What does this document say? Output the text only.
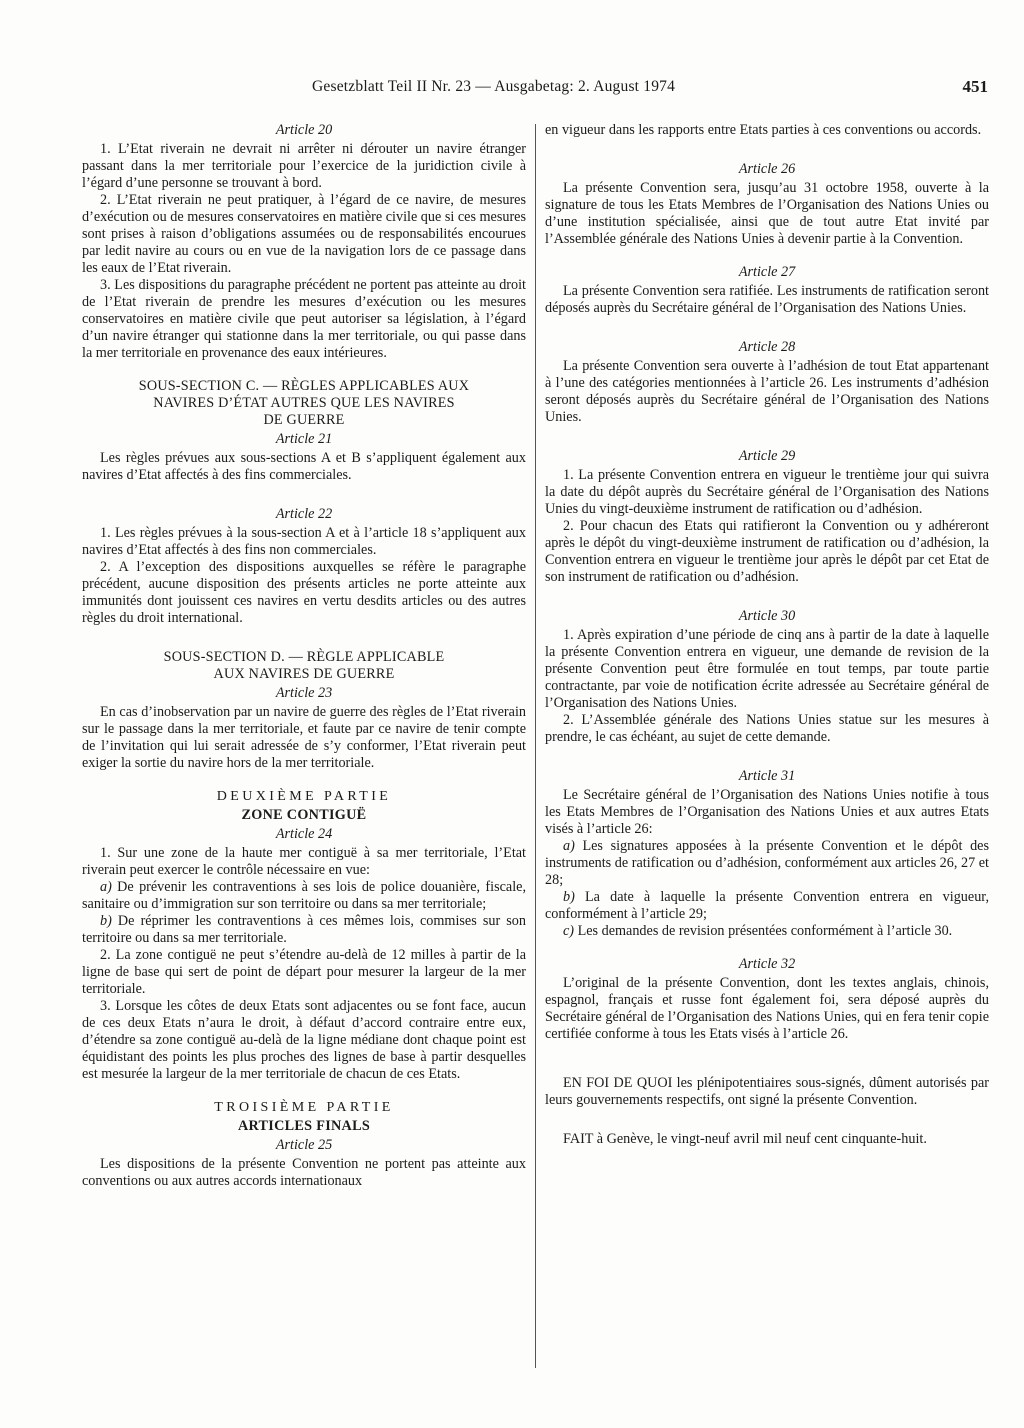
Gesetzblatt Teil II Nr. 23 — Ausgabetag: 2. August 1974	451
Article 20

1. L’Etat riverain ne devrait ni arrêter ni dérouter un navire étranger passant dans la mer territoriale pour l’exercice de la juridiction civile à l’égard d’une personne se trouvant à bord.

2. L’Etat riverain ne peut pratiquer, à l’égard de ce navire, de mesures d’exécution ou de mesures conservatoires en matière civile que si ces mesures sont prises à raison d’obligations assumées ou de responsabilités encourues par ledit navire au cours ou en vue de la navigation lors de ce passage dans les eaux de l’Etat riverain.

3. Les dispositions du paragraphe précédent ne portent pas atteinte au droit de l’Etat riverain de prendre les mesures d’exécution ou les mesures conservatoires en matière civile que peut autoriser sa législation, à l’égard d’un navire étranger qui stationne dans la mer territoriale, ou qui passe dans la mer territoriale en provenance des eaux intérieures.

SOUS-SECTION C. — RÈGLES APPLICABLES AUX
NAVIRES D’ÉTAT AUTRES QUE LES NAVIRES
DE GUERRE
Article 21

Les règles prévues aux sous-sections A et B s’appliquent également aux navires d’Etat affectés à des fins commerciales.

Article 22

1. Les règles prévues à la sous-section A et à l’article 18 s’appliquent aux navires d’Etat affectés à des fins non commerciales.

2. A l’exception des dispositions auxquelles se réfère le paragraphe précédent, aucune disposition des présents articles ne porte atteinte aux immunités dont jouissent ces navires en vertu desdits articles ou des autres règles du droit international.

SOUS-SECTION D. — RÈGLE APPLICABLE
AUX NAVIRES DE GUERRE
Article 23

En cas d’inobservation par un navire de guerre des règles de l’Etat riverain sur le passage dans la mer territoriale, et faute par ce navire de tenir compte de l’invitation qui lui serait adressée de s’y conformer, l’Etat riverain peut exiger la sortie du navire hors de la mer territoriale.

DEUXIÈME PARTIE
ZONE CONTIGUË
Article 24

1. Sur une zone de la haute mer contiguë à sa mer territoriale, l’Etat riverain peut exercer le contrôle nécessaire en vue:

a) De prévenir les contraventions à ses lois de police douanière, fiscale, sanitaire ou d’immigration sur son territoire ou dans sa mer territoriale;

b) De réprimer les contraventions à ces mêmes lois, commises sur son territoire ou dans sa mer territoriale.

2. La zone contiguë ne peut s’étendre au-delà de 12 milles à partir de la ligne de base qui sert de point de départ pour mesurer la largeur de la mer territoriale.

3. Lorsque les côtes de deux Etats sont adjacentes ou se font face, aucun de ces deux Etats n’aura le droit, à défaut d’accord contraire entre eux, d’étendre sa zone contiguë au-delà de la ligne médiane dont chaque point est équidistant des points les plus proches des lignes de base à partir desquelles est mesurée la largeur de la mer territoriale de chacun de ces Etats.

TROISIÈME PARTIE
ARTICLES FINALS
Article 25

Les dispositions de la présente Convention ne portent pas atteinte aux conventions ou aux autres accords internationaux

en vigueur dans les rapports entre Etats parties à ces conventions ou accords.

Article 26

La présente Convention sera, jusqu’au 31 octobre 1958, ouverte à la signature de tous les Etats Membres de l’Organisation des Nations Unies ou d’une institution spécialisée, ainsi que de tout autre Etat invité par l’Assemblée générale des Nations Unies à devenir partie à la Convention.

Article 27

La présente Convention sera ratifiée. Les instruments de ratification seront déposés auprès du Secrétaire général de l’Organisation des Nations Unies.

Article 28

La présente Convention sera ouverte à l’adhésion de tout Etat appartenant à l’une des catégories mentionnées à l’article 26. Les instruments d’adhésion seront déposés auprès du Secrétaire général de l’Organisation des Nations Unies.

Article 29

1. La présente Convention entrera en vigueur le trentième jour qui suivra la date du dépôt auprès du Secrétaire général de l’Organisation des Nations Unies du vingt-deuxième instrument de ratification ou d’adhésion.

2. Pour chacun des Etats qui ratifieront la Convention ou y adhéreront après le dépôt du vingt-deuxième instrument de ratification ou d’adhésion, la Convention entrera en vigueur le trentième jour après le dépôt par cet Etat de son instrument de ratification ou d’adhésion.

Article 30

1. Après expiration d’une période de cinq ans à partir de la date à laquelle la présente Convention entrera en vigueur, une demande de revision de la présente Convention peut être formulée en tout temps, par toute partie contractante, par voie de notification écrite adressée au Secrétaire général de l’Organisation des Nations Unies.

2. L’Assemblée générale des Nations Unies statue sur les mesures à prendre, le cas échéant, au sujet de cette demande.

Article 31

Le Secrétaire général de l’Organisation des Nations Unies notifie à tous les Etats Membres de l’Organisation des Nations Unies et aux autres Etats visés à l’article 26:

a) Les signatures apposées à la présente Convention et le dépôt des instruments de ratification ou d’adhésion, conformément aux articles 26, 27 et 28;

b) La date à laquelle la présente Convention entrera en vigueur, conformément à l’article 29;

c) Les demandes de revision présentées conformément à l’article 30.

Article 32

L’original de la présente Convention, dont les textes anglais, chinois, espagnol, français et russe font également foi, sera déposé auprès du Secrétaire général de l’Organisation des Nations Unies, qui en fera tenir copie certifiée conforme à tous les Etats visés à l’article 26.

EN FOI DE QUOI les plénipotentiaires sous-signés, dûment autorisés par leurs gouvernements respectifs, ont signé la présente Convention.

FAIT à Genève, le vingt-neuf avril mil neuf cent cinquante-huit.
